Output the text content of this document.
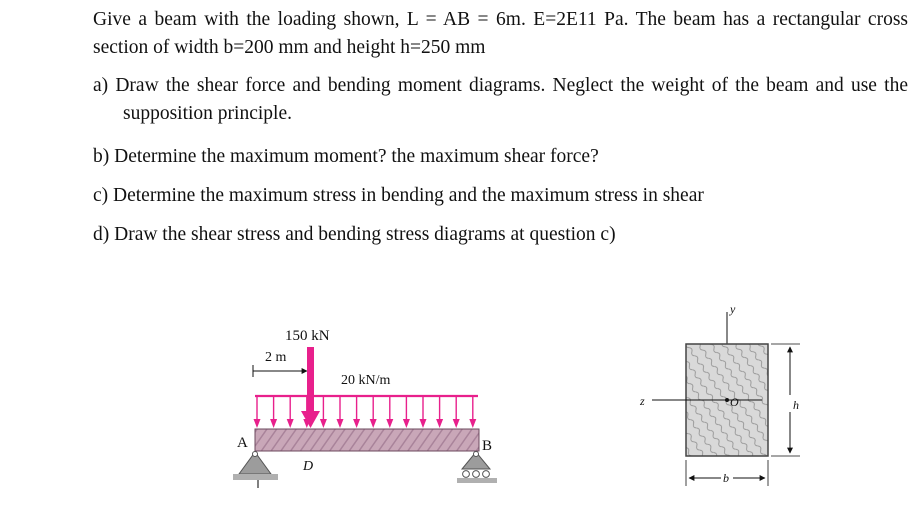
Give a beam with the loading shown, L = AB = 6m. E=2E11 Pa. The beam has a rectangular cross section of width b=200 mm and height h=250 mm

a) Draw the shear force and bending moment diagrams. Neglect the weight of the beam and use the supposition principle.

b) Determine the maximum moment? the maximum shear force?

c) Determine the maximum stress in bending and the maximum stress in shear

d) Draw the shear stress and bending stress diagrams at question c)

150 kN
2 m
20 kN/m
A	B
D
y
z	O	h
b
